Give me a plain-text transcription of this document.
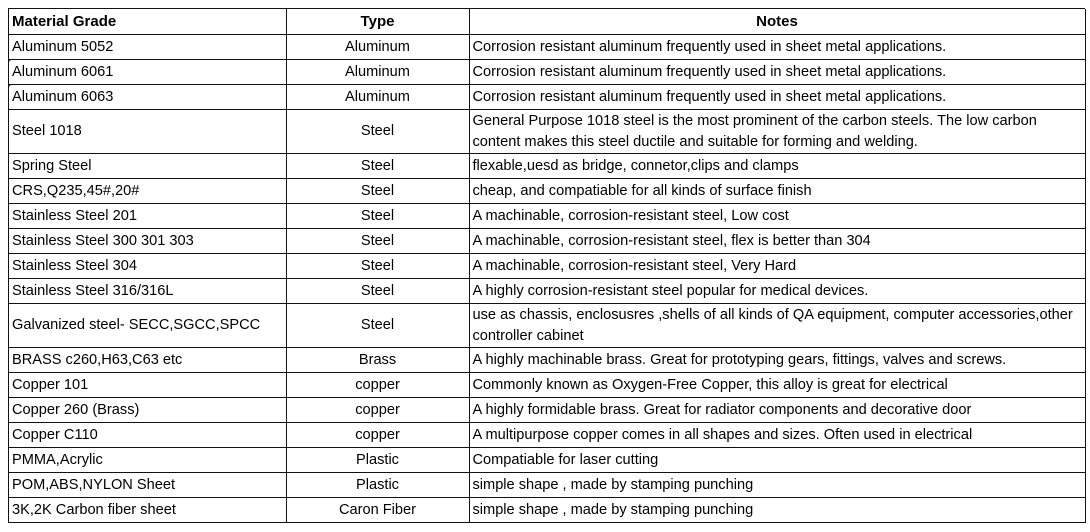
Material Grade	Type	Notes
Aluminum 5052	Aluminum	Corrosion resistant aluminum frequently used in sheet metal applications.
Aluminum 6061	Aluminum	Corrosion resistant aluminum frequently used in sheet metal applications.
Aluminum 6063	Aluminum	Corrosion resistant aluminum frequently used in sheet metal applications.
Steel 1018	Steel	General Purpose 1018 steel is the most prominent of the carbon steels. The low carbon content makes this steel ductile and suitable for forming and welding.
Spring Steel	Steel	flexable,uesd as bridge, connetor,clips and clamps
CRS,Q235,45#,20#	Steel	cheap, and compatiable for all kinds of surface finish
Stainless Steel 201	Steel	A machinable, corrosion-resistant steel, Low cost
Stainless Steel 300 301 303	Steel	A machinable, corrosion-resistant steel, flex is better than 304
Stainless Steel 304	Steel	A machinable, corrosion-resistant steel, Very Hard
Stainless Steel 316/316L	Steel	A highly corrosion-resistant steel popular for medical devices.
Galvanized steel- SECC,SGCC,SPCC	Steel	use as chassis, enclosusres ,shells of all kinds of QA equipment, computer accessories,other controller cabinet
BRASS c260,H63,C63 etc	Brass	A highly machinable brass. Great for prototyping gears, fittings, valves and screws.
Copper 101	copper	Commonly known as Oxygen-Free Copper, this alloy is great for electrical
Copper 260 (Brass)	copper	A highly formidable brass. Great for radiator components and decorative door
Copper C110	copper	A multipurpose copper comes in all shapes and sizes. Often used in electrical
PMMA,Acrylic	Plastic	Compatiable for laser cutting
POM,ABS,NYLON Sheet	Plastic	simple shape , made by stamping punching
3K,2K Carbon fiber sheet	Caron Fiber	simple shape , made by stamping punching
